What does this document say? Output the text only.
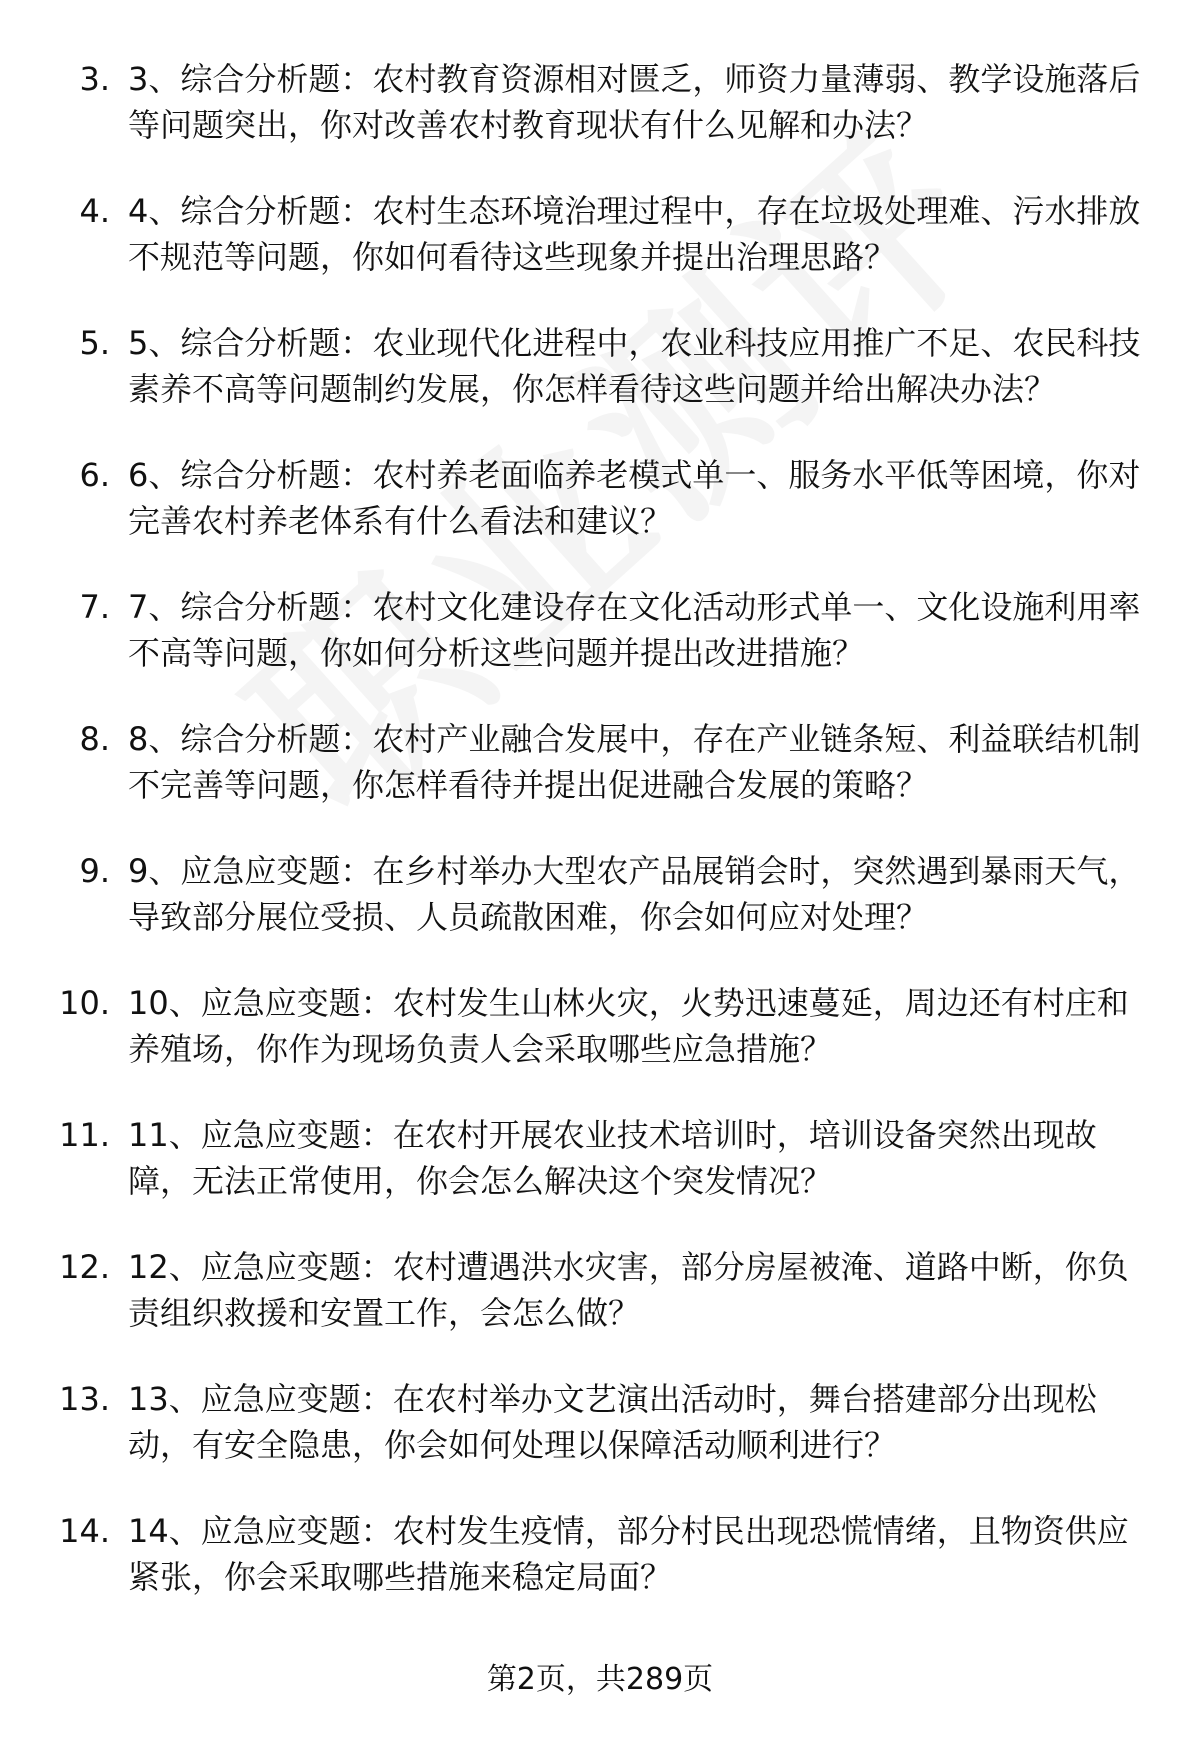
3. 3、综合分析题：农村教育资源相对匮乏，师资力量薄弱、教学设施落后等问题突出，你对改善农村教育现状有什么见解和办法？
4. 4、综合分析题：农村生态环境治理过程中，存在垃圾处理难、污水排放不规范等问题，你如何看待这些现象并提出治理思路？
5. 5、综合分析题：农业现代化进程中，农业科技应用推广不足、农民科技素养不高等问题制约发展，你怎样看待这些问题并给出解决办法？
6. 6、综合分析题：农村养老面临养老模式单一、服务水平低等困境，你对完善农村养老体系有什么看法和建议？
7. 7、综合分析题：农村文化建设存在文化活动形式单一、文化设施利用率不高等问题，你如何分析这些问题并提出改进措施？
8. 8、综合分析题：农村产业融合发展中，存在产业链条短、利益联结机制不完善等问题，你怎样看待并提出促进融合发展的策略？
9. 9、应急应变题：在乡村举办大型农产品展销会时，突然遇到暴雨天气，导致部分展位受损、人员疏散困难，你会如何应对处理？
10. 10、应急应变题：农村发生山林火灾，火势迅速蔓延，周边还有村庄和养殖场，你作为现场负责人会采取哪些应急措施？
11. 11、应急应变题：在农村开展农业技术培训时，培训设备突然出现故障，无法正常使用，你会怎么解决这个突发情况？
12. 12、应急应变题：农村遭遇洪水灾害，部分房屋被淹、道路中断，你负责组织救援和安置工作，会怎么做？
13. 13、应急应变题：在农村举办文艺演出活动时，舞台搭建部分出现松动，有安全隐患，你会如何处理以保障活动顺利进行？
14. 14、应急应变题：农村发生疫情，部分村民出现恐慌情绪，且物资供应紧张，你会采取哪些措施来稳定局面？
第2页，共289页
